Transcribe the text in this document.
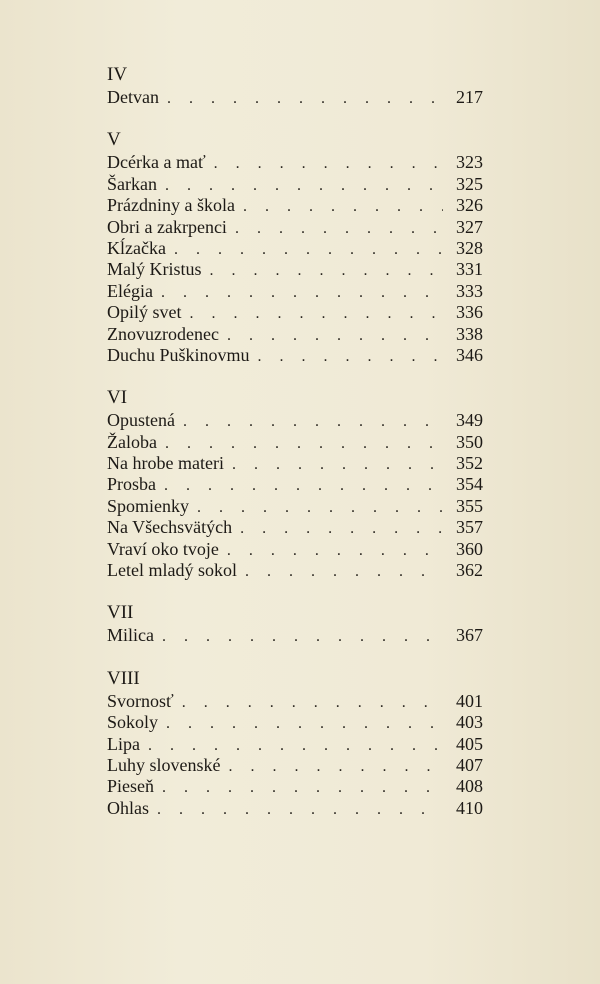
IV
Detvan . . .	217
V
Dcérka a mať . . .	323
Šarkan . . .	325
Prázdniny a škola . . .	326
Obri a zakrpenci . . .	327
Kĺzačka . . .	328
Malý Kristus . . .	331
Elégia . . .	333
Opilý svet . . .	336
Znovuzrodenec . . .	338
Duchu Puškinovmu . . .	346
VI
Opustená . . .	349
Žaloba . . .	350
Na hrobe materi . . .	352
Prosba . . .	354
Spomienky . . .	355
Na Všechsvätých . . .	357
Vraví oko tvoje . . .	360
Letel mladý sokol . . .	362
VII
Milica . . .	367
VIII
Svornosť . . .	401
Sokoly . . .	403
Lipa . . .	405
Luhy slovenské . . .	407
Pieseň . . .	408
Ohlas . . .	410
